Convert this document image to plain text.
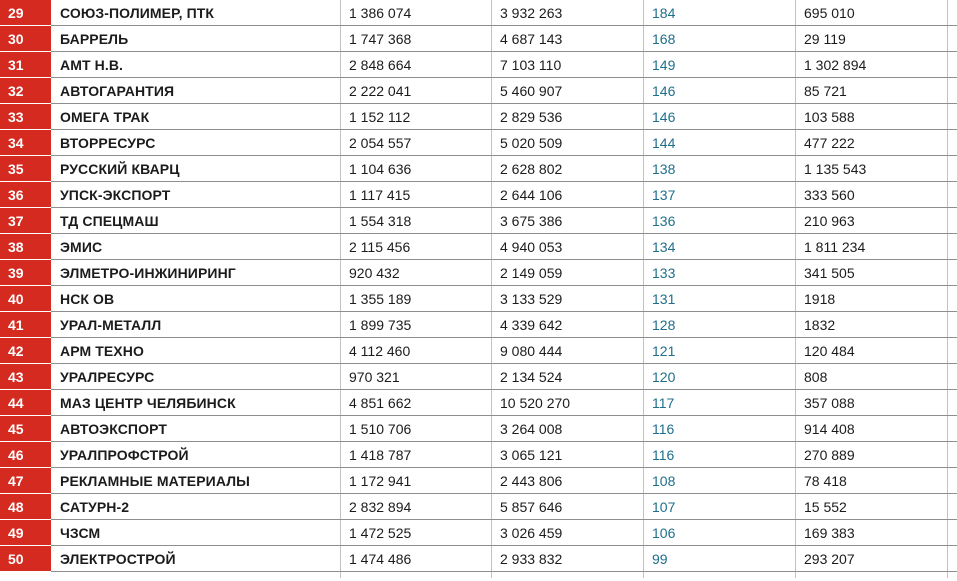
29	СОЮЗ-ПОЛИМЕР, ПТК	1 386 074	3 932 263	184	695 010
30	БАРРЕЛЬ	1 747 368	4 687 143	168	29 119
31	АМТ Н.В.	2 848 664	7 103 110	149	1 302 894
32	АВТОГАРАНТИЯ	2 222 041	5 460 907	146	85 721
33	ОМЕГА ТРАК	1 152 112	2 829 536	146	103 588
34	ВТОРРЕСУРС	2 054 557	5 020 509	144	477 222
35	РУССКИЙ КВАРЦ	1 104 636	2 628 802	138	1 135 543
36	УПСК-ЭКСПОРТ	1 117 415	2 644 106	137	333 560
37	ТД СПЕЦМАШ	1 554 318	3 675 386	136	210 963
38	ЭМИС	2 115 456	4 940 053	134	1 811 234
39	ЭЛМЕТРО-ИНЖИНИРИНГ	920 432	2 149 059	133	341 505
40	НСК ОВ	1 355 189	3 133 529	131	1918
41	УРАЛ-МЕТАЛЛ	1 899 735	4 339 642	128	1832
42	АРМ ТЕХНО	4 112 460	9 080 444	121	120 484
43	УРАЛРЕСУРС	970 321	2 134 524	120	808
44	МАЗ ЦЕНТР ЧЕЛЯБИНСК	4 851 662	10 520 270	117	357 088
45	АВТОЭКСПОРТ	1 510 706	3 264 008	116	914 408
46	УРАЛПРОФСТРОЙ	1 418 787	3 065 121	116	270 889
47	РЕКЛАМНЫЕ МАТЕРИАЛЫ	1 172 941	2 443 806	108	78 418
48	САТУРН-2	2 832 894	5 857 646	107	15 552
49	ЧЗСМ	1 472 525	3 026 459	106	169 383
50	ЭЛЕКТРОСТРОЙ	1 474 486	2 933 832	99	293 207
